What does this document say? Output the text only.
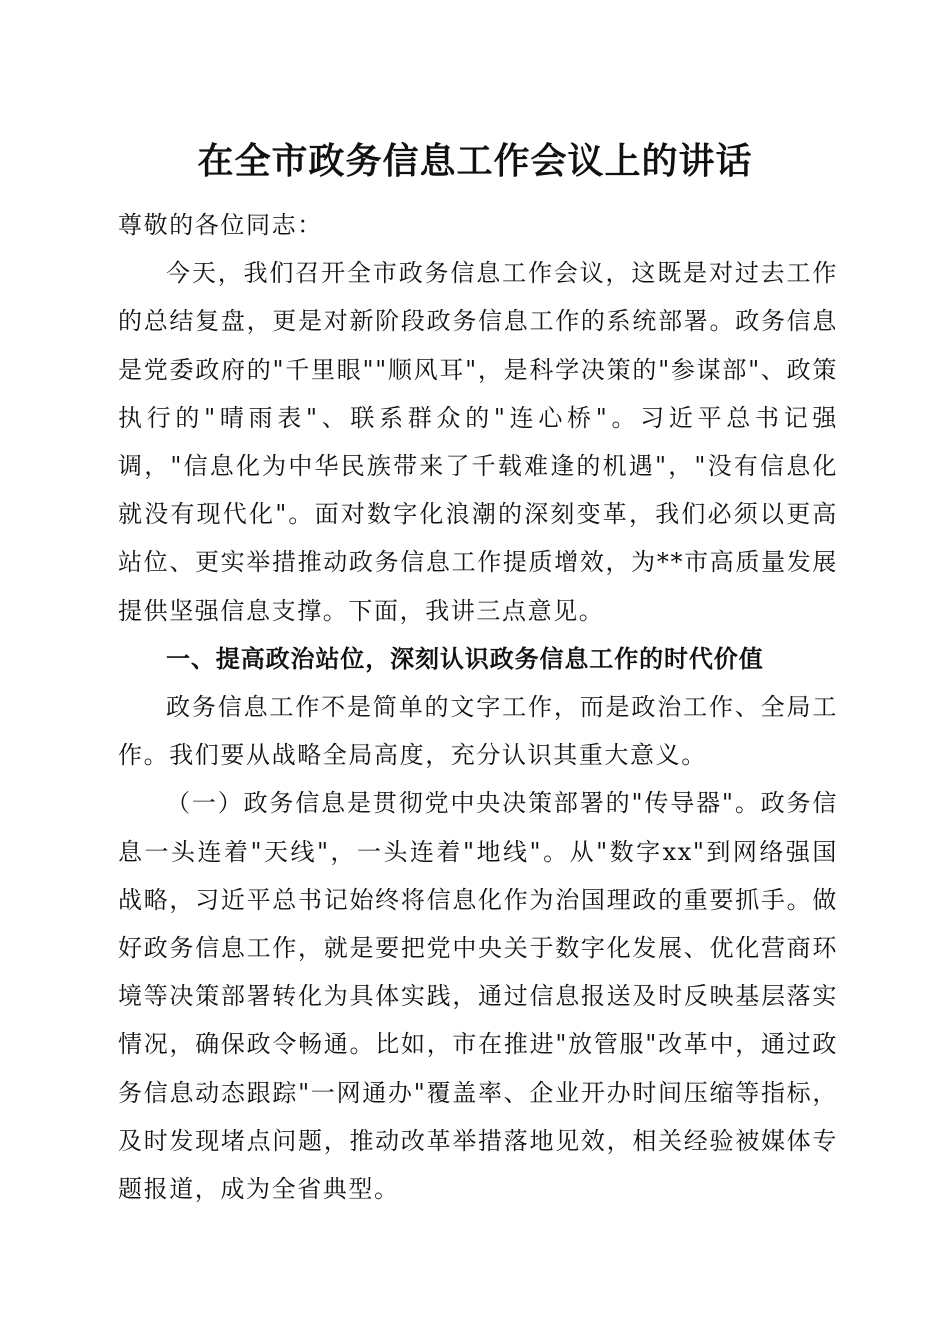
在全市政务信息工作会议上的讲话

尊敬的各位同志：

今天，我们召开全市政务信息工作会议，这既是对过去工作的总结复盘，更是对新阶段政务信息工作的系统部署。政务信息是党委政府的"千里眼""顺风耳"，是科学决策的"参谋部"、政策执行的"晴雨表"、联系群众的"连心桥"。习近平总书记强调，"信息化为中华民族带来了千载难逢的机遇"，"没有信息化就没有现代化"。面对数字化浪潮的深刻变革，我们必须以更高站位、更实举措推动政务信息工作提质增效，为**市高质量发展提供坚强信息支撑。下面，我讲三点意见。

一、提高政治站位，深刻认识政务信息工作的时代价值

政务信息工作不是简单的文字工作，而是政治工作、全局工作。我们要从战略全局高度，充分认识其重大意义。

（一）政务信息是贯彻党中央决策部署的"传导器"。政务信息一头连着"天线"，一头连着"地线"。从"数字xx"到网络强国战略，习近平总书记始终将信息化作为治国理政的重要抓手。做好政务信息工作，就是要把党中央关于数字化发展、优化营商环境等决策部署转化为具体实践，通过信息报送及时反映基层落实情况，确保政令畅通。比如，市在推进"放管服"改革中，通过政务信息动态跟踪"一网通办"覆盖率、企业开办时间压缩等指标，及时发现堵点问题，推动改革举措落地见效，相关经验被媒体专题报道，成为全省典型。
